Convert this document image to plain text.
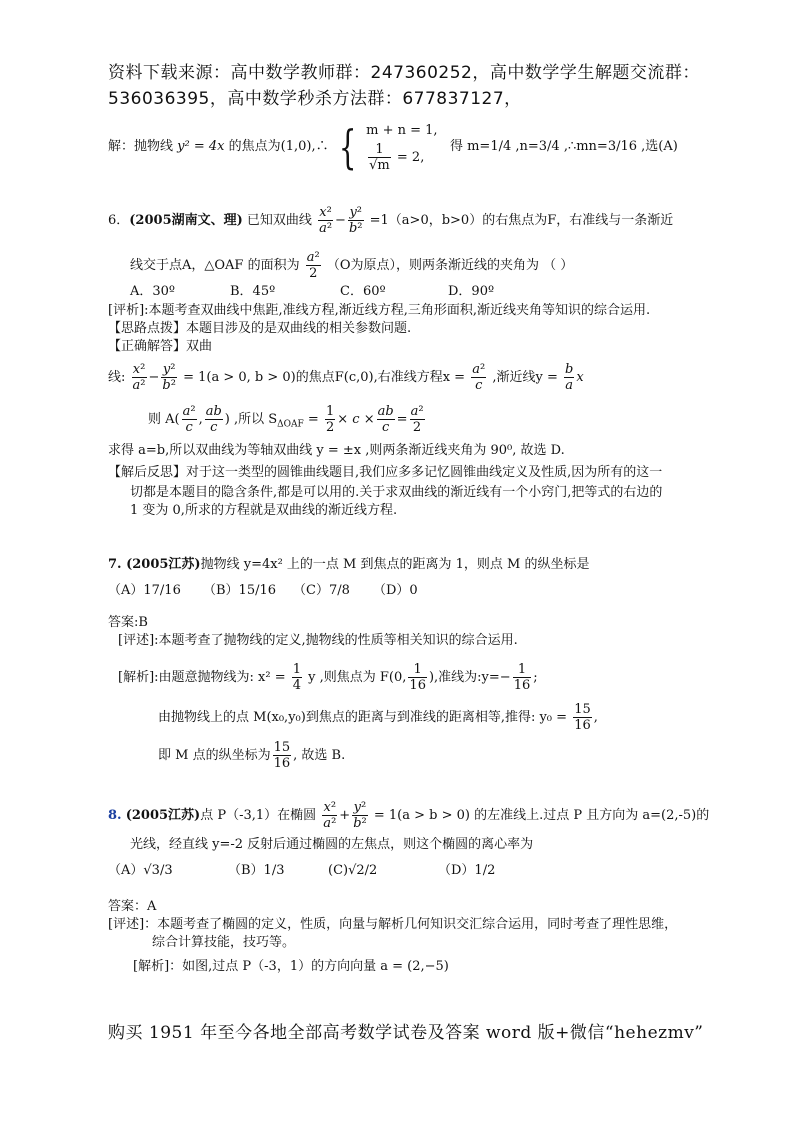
资料下载来源：高中数学教师群：247360252，高中数学学生解题交流群：
536036395，高中数学秒杀方法群：677837127，
解：抛物线 y² = 4x 的焦点为(1,0),∴ { m + n = 1,
$\frac{1}{√m} = 2$,
得 m=1/4 ,n=3/4 ,∴mn=3/16 ,选(A)
6．(2005湖南文、理) 已知双曲线 $\frac{\text{x²}}{\text{a²}} - \frac{\text{y²}}{\text{b²}} =1(a>0$，b>0）的右焦点为F，右准线与一条渐近
线交于点A，△OAF 的面积为 $\frac{\text{a²}}{2} (O$为原点），则两条渐近线的夹角为 （ ）
A．30º	B．45º	C．60º	D．90º
[评析]:本题考查双曲线中焦距,准线方程,渐近线方程,三角形面积,渐近线夹角等知识的综合运用.
【思路点拨】本题目涉及的是双曲线的相关参数问题.
【正确解答】双曲
线: $\frac{\text{x²}}{\text{a²}} - \frac{\text{y²}}{\text{b²}} = 1(a > 0$, b > 0)的焦点F(c,0),右准线方程$x = \frac{\text{a²}}{c}$ ,渐近线$y = \frac{b}{a}$ x
则 $A( \frac{\text{a²}}{c}$ , $\frac{ab}{c}$ ) ,所以 $S_{\Delta OAF} = \frac{1}{2} \times c \times \frac{ab}{c} = \frac{\text{a²}}{2}$
求得 a=b,所以双曲线为等轴双曲线 y = ±x ,则两条渐近线夹角为 90⁰, 故选 D.
【解后反思】对于这一类型的圆锥曲线题目,我们应多多记忆圆锥曲线定义及性质,因为所有的这一
切都是本题目的隐含条件,都是可以用的.关于求双曲线的渐近线有一个小窍门,把等式的右边的
1 变为 0,所求的方程就是双曲线的渐近线方程.
7. (2005江苏)抛物线 y=4x² 上的一点 M 到焦点的距离为 1，则点 M 的纵坐标是
（A）17/16 （B）15/16 （C）7/8 （D）0
答案:B
[评述]:本题考查了抛物线的定义,抛物线的性质等相关知识的综合运用.
[解析]:由题意抛物线为: $x^2 = \frac{1}{4}$ y ,则焦点为 F(0, $\frac{1}{16}$ ),准线为:y=− $\frac{1}{16}$ ;
由抛物线上的点 M(x₀,y₀)到焦点的距离与到准线的距离相等,推得: $y_0 = \frac{15}{16}$ ,
即 M 点的纵坐标为 $\frac{15}{16}$ , 故选 B.
8. (2005江苏)点 P（-3,1）在椭圆 $\frac{\text{x²}}{\text{a²}} + \frac{\text{y²}}{\text{b²}} = 1(a > b > 0)$ 的左准线上.过点 P 且方向为 a=(2,-5)的
光线，经直线 y=-2 反射后通过椭圆的左焦点，则这个椭圆的离心率为
（A）√3/3	（B）1/3	(C)√2/2	（D）1/2
答案：A
[评述]：本题考查了椭圆的定义，性质，向量与解析几何知识交汇综合运用，同时考查了理性思维，
综合计算技能，技巧等。
[解析]：如图,过点 P（-3，1）的方向向量 a = (2,−5)
购买 1951 年至今各地全部高考数学试卷及答案 word 版+微信“hehezmv”
